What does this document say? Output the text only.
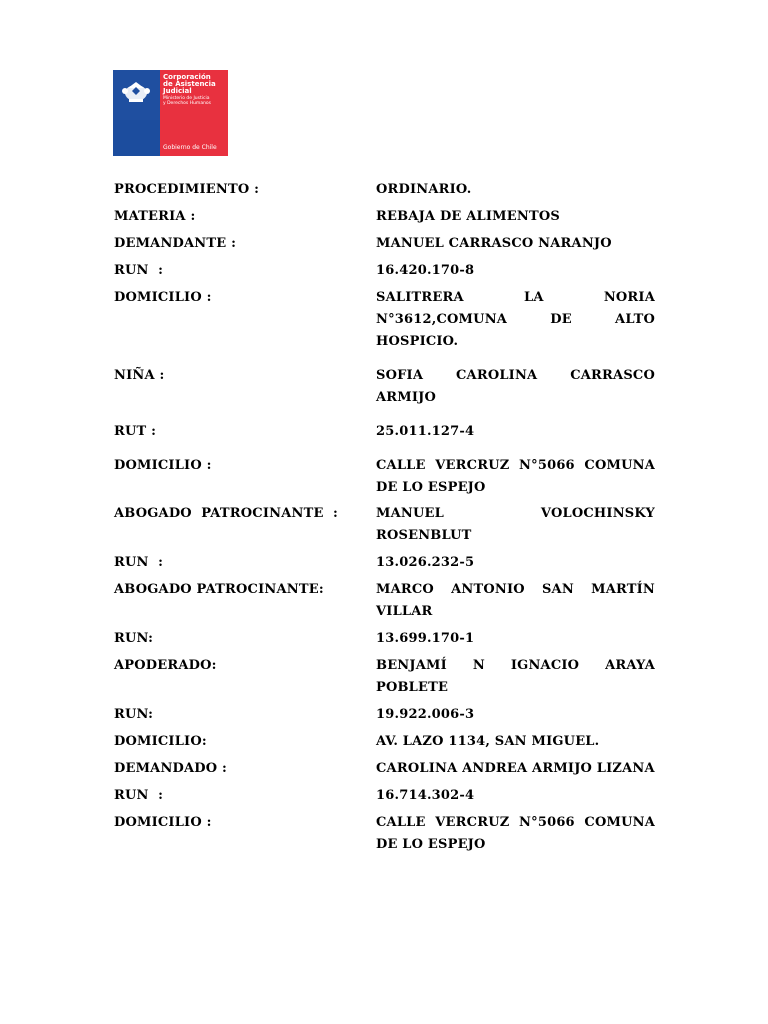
Corporación
de Asistencia
Judicial
Ministerio de Justicia
y Derechos Humanos
Gobierno de Chile
PROCEDIMIENTO :	ORDINARIO.
MATERIA :	REBAJA DE ALIMENTOS
DEMANDANTE :	MANUEL CARRASCO NARANJO
RUN  :	16.420.170-8
DOMICILIO :	SALITRERA LA NORIA N°3612,COMUNA DE ALTO HOSPICIO.
NIÑA :	SOFIA CAROLINA CARRASCO ARMIJO
RUT :	25.011.127-4
DOMICILIO :	CALLE VERCRUZ N°5066 COMUNA DE LO ESPEJO
ABOGADO  PATROCINANTE  :	MANUEL VOLOCHINSKY ROSENBLUT
RUN  :	13.026.232-5
ABOGADO PATROCINANTE:	MARCO ANTONIO SAN MARTÍN VILLAR
RUN:	13.699.170-1
APODERADO:	BENJAMÍ N IGNACIO ARAYA POBLETE
RUN:	19.922.006-3
DOMICILIO:	AV. LAZO 1134, SAN MIGUEL.
DEMANDADO :	CAROLINA ANDREA ARMIJO LIZANA
RUN  :	16.714.302-4
DOMICILIO :	CALLE VERCRUZ N°5066 COMUNA DE LO ESPEJO
